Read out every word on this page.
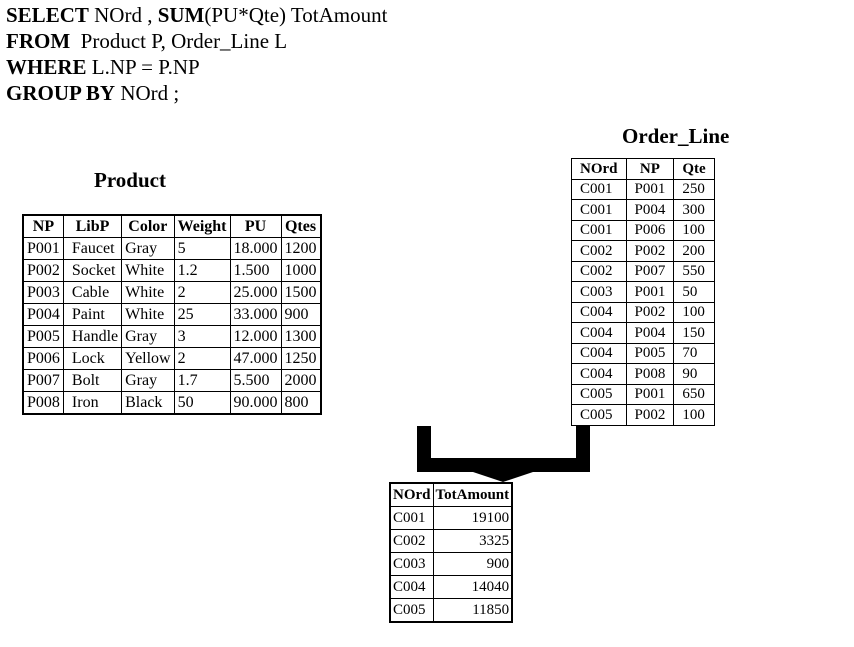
SELECT NOrd , SUM(PU*Qte) TotAmount
FROM  Product P, Order_Line L
WHERE L.NP = P.NP
GROUP BY NOrd ;
Product
Order_Line
NP	LibP	Color	Weight	PU	Qtes
P001	Faucet	Gray	5	18.000	1200
P002	Socket	White	1.2	1.500	1000
P003	Cable	White	2	25.000	1500
P004	Paint	White	25	33.000	900
P005	Handle	Gray	3	12.000	1300
P006	Lock	Yellow	2	47.000	1250
P007	Bolt	Gray	1.7	5.500	2000
P008	Iron	Black	50	90.000	800
NOrd	NP	Qte
C001	P001	250
C001	P004	300
C001	P006	100
C002	P002	200
C002	P007	550
C003	P001	50
C004	P002	100
C004	P004	150
C004	P005	70
C004	P008	90
C005	P001	650
C005	P002	100
NOrd	TotAmount
C001	19100
C002	3325
C003	900
C004	14040
C005	11850
